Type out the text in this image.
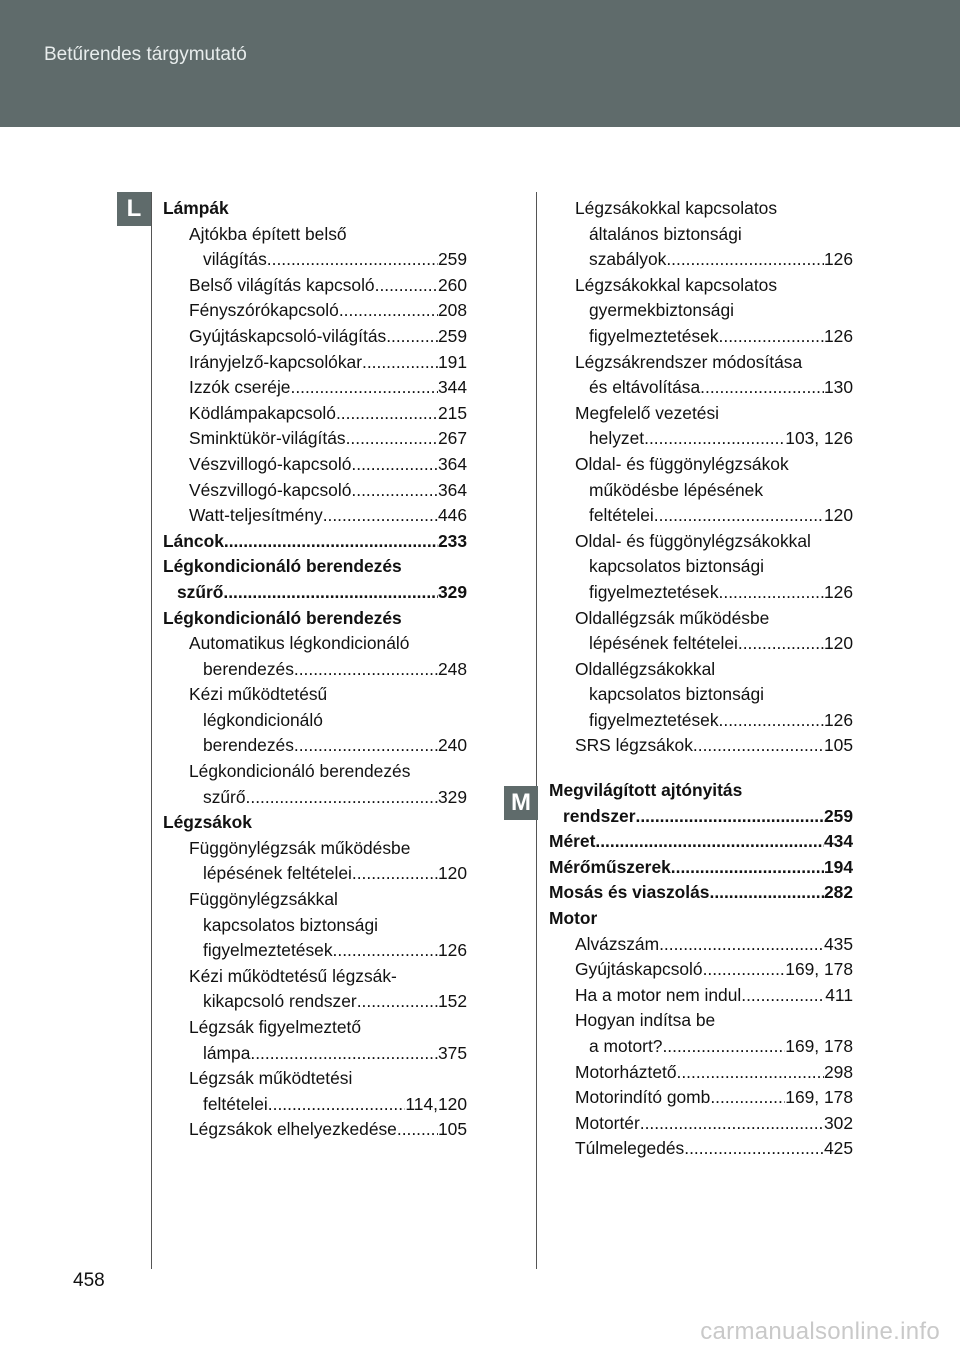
Betűrendes tárgymutató
L
M
Lámpák
Ajtókba épített belső
világítás .....	259
Belső világítás kapcsoló .....	260
Fényszórókapcsoló .....	208
Gyújtáskapcsoló-világítás .....	259
Irányjelző-kapcsolókar .....	191
Izzók cseréje .....	344
Ködlámpakapcsoló .....	215
Sminktükör-világítás .....	267
Vészvillogó-kapcsoló .....	364
Vészvillogó-kapcsoló .....	364
Watt-teljesítmény .....	446
Láncok .....	233
Légkondicionáló berendezés
szűrő .....	329
Légkondicionáló berendezés
Automatikus légkondicionáló
berendezés .....	248
Kézi működtetésű
légkondicionáló
berendezés .....	240
Légkondicionáló berendezés
szűrő .....	329
Légzsákok
Függönylégzsák működésbe
lépésének feltételei .....	120
Függönylégzsákkal
kapcsolatos biztonsági
figyelmeztetések .....	126
Kézi működtetésű légzsák-
kikapcsoló rendszer .....	152
Légzsák figyelmeztető
lámpa .....	375
Légzsák működtetési
feltételei .....	114,120
Légzsákok elhelyezkedése ..... 105
Légzsákokkal kapcsolatos
általános biztonsági
szabályok .....	126
Légzsákokkal kapcsolatos
gyermekbiztonsági
figyelmeztetések .....	126
Légzsákrendszer módosítása
és eltávolítása .....	130
Megfelelő vezetési
helyzet .....	103, 126
Oldal- és függönylégzsákok
működésbe lépésének
feltételei .....	120
Oldal- és függönylégzsákokkal
kapcsolatos biztonsági
figyelmeztetések .....	126
Oldallégzsák működésbe
lépésének feltételei .....	120
Oldallégzsákokkal
kapcsolatos biztonsági
figyelmeztetések .....	126
SRS légzsákok .....	105
Megvilágított ajtónyitás
rendszer .....	259
Méret .....	434
Mérőműszerek .....	194
Mosás és viaszolás .....	282
Motor
Alvázszám .....	435
Gyújtáskapcsoló .....	169, 178
Ha a motor nem indul .....	411
Hogyan indítsa be
a motort? .....	169, 178
Motorháztető .....	298
Motorindító gomb .....	169, 178
Motortér .....	302
Túlmelegedés .....	425
458
carmanualsonline.info
